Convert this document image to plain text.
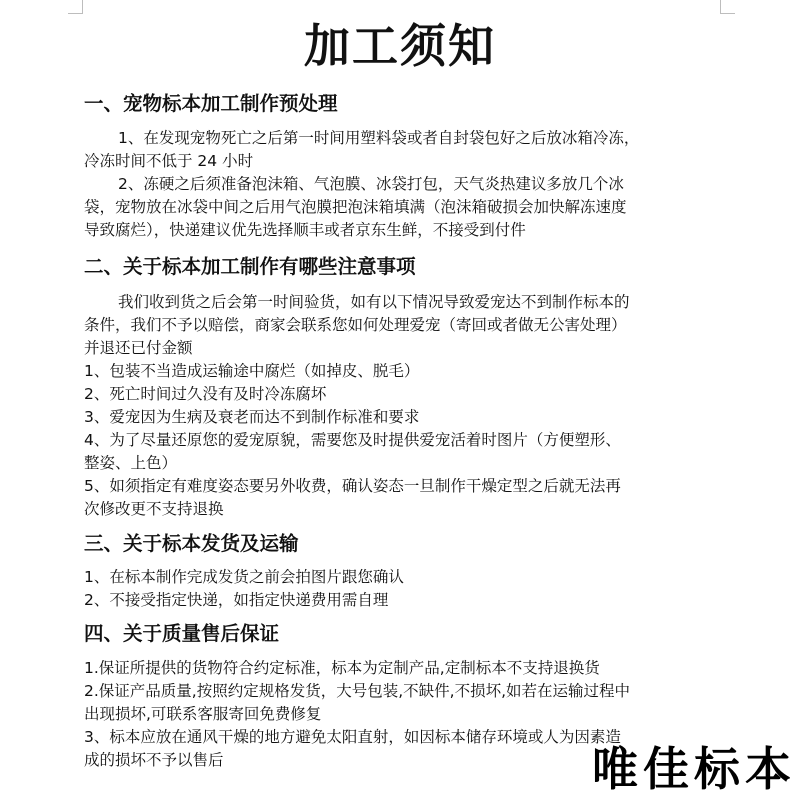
加工须知
一、宠物标本加工制作预处理
1、在发现宠物死亡之后第一时间用塑料袋或者自封袋包好之后放冰箱冷冻，
冷冻时间不低于 24 小时
2、冻硬之后须准备泡沫箱、气泡膜、冰袋打包，天气炎热建议多放几个冰
袋，宠物放在冰袋中间之后用气泡膜把泡沫箱填满（泡沫箱破损会加快解冻速度
导致腐烂），快递建议优先选择顺丰或者京东生鲜，不接受到付件
二、关于标本加工制作有哪些注意事项
我们收到货之后会第一时间验货，如有以下情况导致爱宠达不到制作标本的
条件，我们不予以赔偿，商家会联系您如何处理爱宠（寄回或者做无公害处理）
并退还已付金额
1、包装不当造成运输途中腐烂（如掉皮、脱毛）
2、死亡时间过久没有及时冷冻腐坏
3、爱宠因为生病及衰老而达不到制作标准和要求
4、为了尽量还原您的爱宠原貌，需要您及时提供爱宠活着时图片（方便塑形、
整姿、上色）
5、如须指定有难度姿态要另外收费，确认姿态一旦制作干燥定型之后就无法再
次修改更不支持退换
三、关于标本发货及运输
1、在标本制作完成发货之前会拍图片跟您确认
2、不接受指定快递，如指定快递费用需自理
四、关于质量售后保证
1.保证所提供的货物符合约定标准，标本为定制产品,定制标本不支持退换货
2.保证产品质量,按照约定规格发货，大号包装,不缺件,不损坏,如若在运输过程中
出现损坏,可联系客服寄回免费修复
3、标本应放在通风干燥的地方避免太阳直射，如因标本储存环境或人为因素造
成的损坏不予以售后	唯佳标本
